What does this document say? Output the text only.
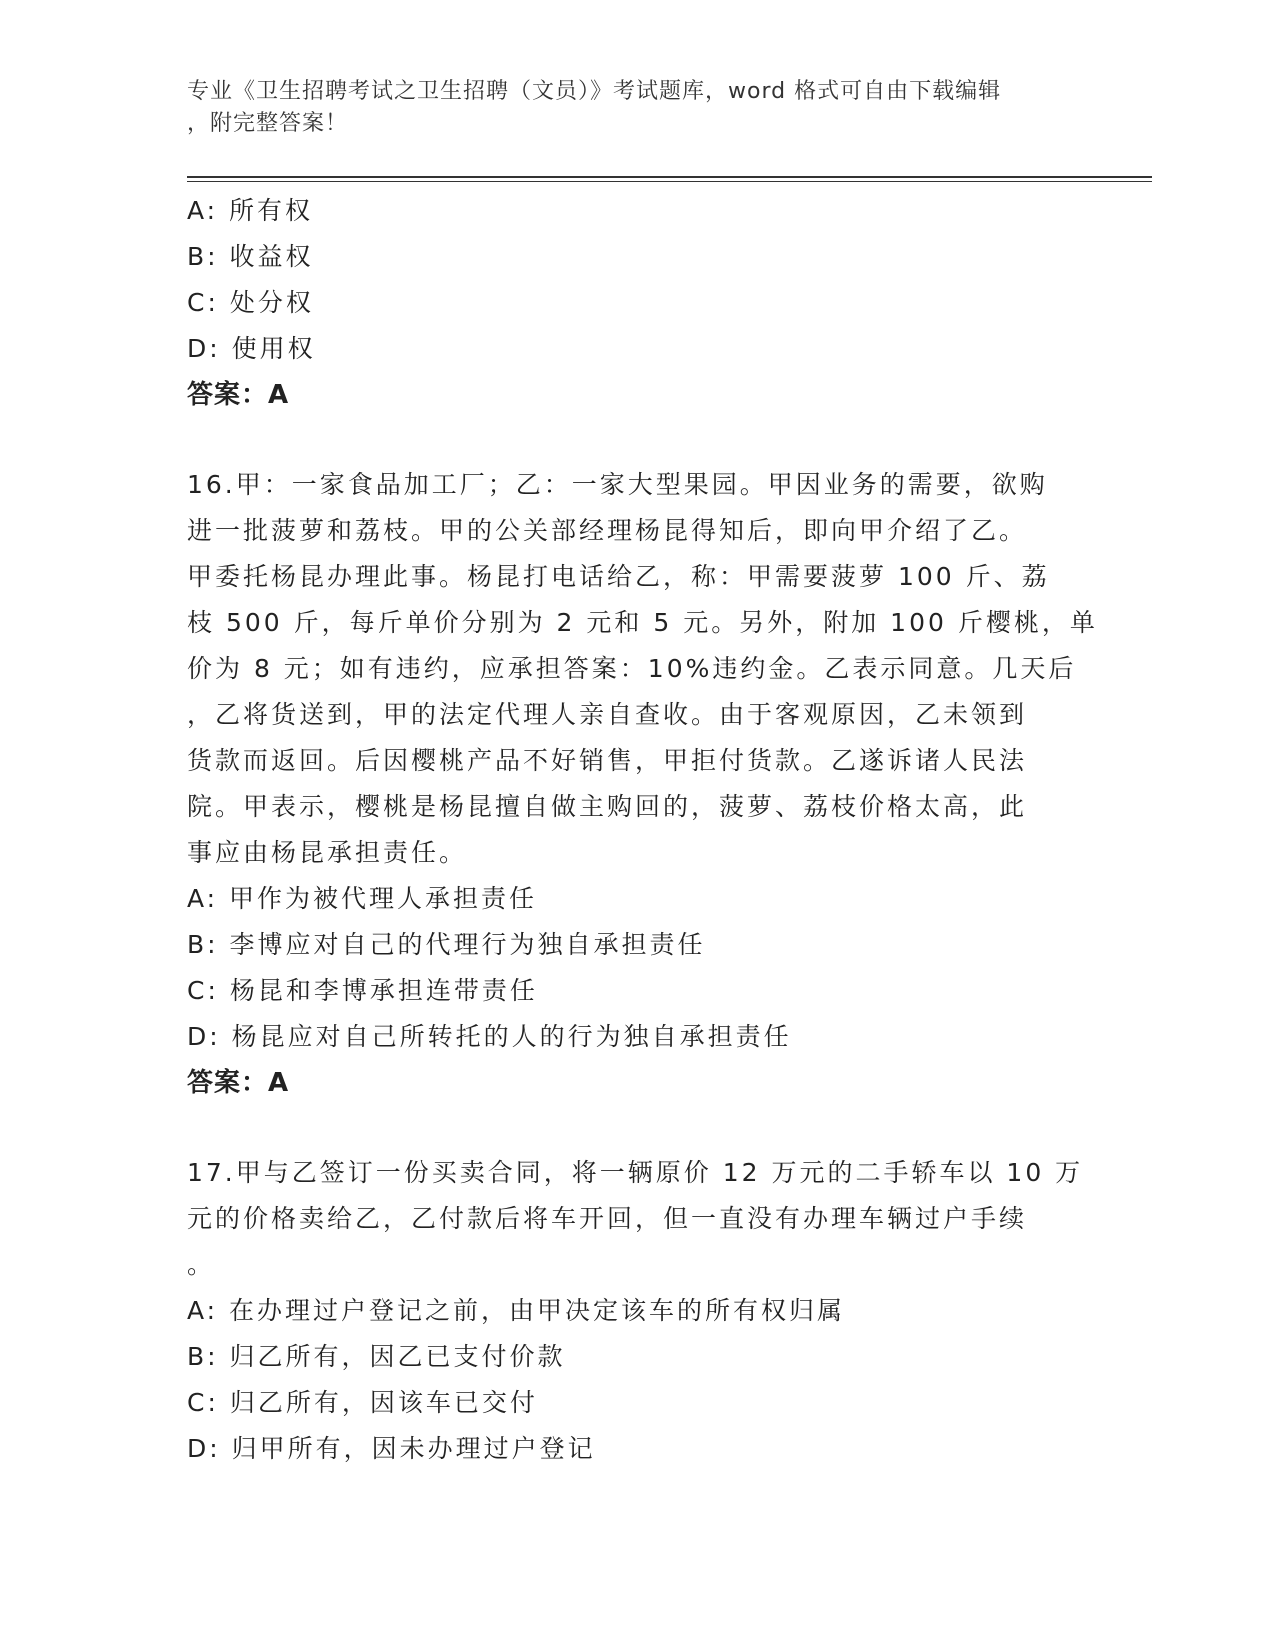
专业《卫生招聘考试之卫生招聘（文员）》考试题库，word 格式可自由下载编辑
，附完整答案！

A: 所有权

B: 收益权

C: 处分权

D: 使用权

答案：A

16.甲：一家食品加工厂；乙：一家大型果园。甲因业务的需要，欲购

进一批菠萝和荔枝。甲的公关部经理杨昆得知后，即向甲介绍了乙。

甲委托杨昆办理此事。杨昆打电话给乙，称：甲需要菠萝 100 斤、荔

枝 500 斤，每斤单价分别为 2 元和 5 元。另外，附加 100 斤樱桃，单

价为 8 元；如有违约，应承担答案：10%违约金。乙表示同意。几天后

，乙将货送到，甲的法定代理人亲自查收。由于客观原因，乙未领到

货款而返回。后因樱桃产品不好销售，甲拒付货款。乙遂诉诸人民法

院。甲表示，樱桃是杨昆擅自做主购回的，菠萝、荔枝价格太高，此

事应由杨昆承担责任。

A: 甲作为被代理人承担责任

B: 李博应对自己的代理行为独自承担责任

C: 杨昆和李博承担连带责任

D: 杨昆应对自己所转托的人的行为独自承担责任

答案：A

17.甲与乙签订一份买卖合同，将一辆原价 12 万元的二手轿车以 10 万

元的价格卖给乙，乙付款后将车开回，但一直没有办理车辆过户手续

。

A: 在办理过户登记之前，由甲决定该车的所有权归属

B: 归乙所有，因乙已支付价款

C: 归乙所有，因该车已交付

D: 归甲所有，因未办理过户登记
